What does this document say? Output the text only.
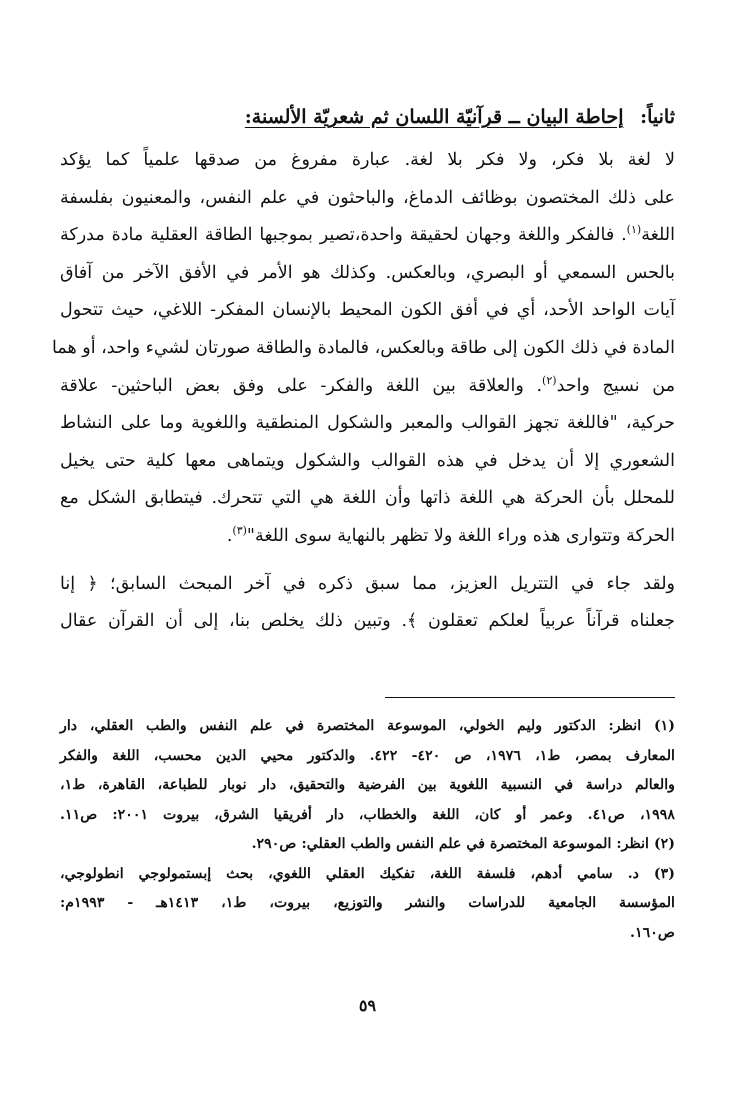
ثانياً: إحاطة البيان ــ قرآنيّة اللسان ثم شعريّة الألسنة:
لا لغة بلا فكر، ولا فكر بلا لغة. عبارة مفروغ من صدقها علمياً كما يؤكد
على ذلك المختصون بوظائف الدماغ، والباحثون في علم النفس، والمعنيون بفلسفة
اللغة$^{(١)}$. فالفكر واللغة وجهان لحقيقة واحدة،تصير بموجبها الطاقة العقلية مادة مدركة
بالحس السمعي أو البصري، وبالعكس. وكذلك هو الأمر في الأفق الآخر من آفاق
آيات الواحد الأحد، أي في أفق الكون المحيط بالإنسان المفكر- اللاغي، حيث تتحول
المادة في ذلك الكون إلى طاقة وبالعكس، فالمادة والطاقة صورتان لشيء واحد، أو هما
من نسيج واحد$^{(٢)}$. والعلاقة بين اللغة والفكر- على وفق بعض الباحثين- علاقة
حركية، "فاللغة تجهز القوالب والمعبر والشكول المنطقية واللغوية وما على النشاط
الشعوري إلا أن يدخل في هذه القوالب والشكول ويتماهى معها كلية حتى يخيل
للمحلل بأن الحركة هي اللغة ذاتها وأن اللغة هي التي تتحرك. فيتطابق الشكل مع
الحركة وتتوارى هذه وراء اللغة ولا تظهر بالنهاية سوى اللغة"$^{(٣)}$.
ولقد جاء في التتريل العزيز، مما سبق ذكره في آخر المبحث السابق؛ ﴿ إنا
جعلناه قرآناً عربياً لعلكم تعقلون ﴾. وتبين ذلك يخلص بنا، إلى أن القرآن عقال
(١) انظر: الدكتور وليم الخولي، الموسوعة المختصرة في علم النفس والطب العقلي، دار
المعارف بمصر، ط١، ١٩٧٦، ص ٤٢٠- ٤٢٢. والدكتور محيي الدين محسب، اللغة والفكر
والعالم دراسة في النسبية اللغوية بين الفرضية والتحقيق، دار نوبار للطباعة، القاهرة، ط١،
١٩٩٨، ص٤١. وعمر أو كان، اللغة والخطاب، دار أفريقيا الشرق، بيروت ٢٠٠١: ص١١.
(٢) انظر: الموسوعة المختصرة في علم النفس والطب العقلي: ص٢٩٠.
(٣) د. سامي أدهم، فلسفة اللغة، تفكيك العقلي اللغوي، بحث إبستمولوجي انطولوجي،
المؤسسة الجامعية للدراسات والنشر والتوزيع، بيروت، ط١، ١٤١٣هـ - ١٩٩٣م:
ص١٦٠.
٥٩
